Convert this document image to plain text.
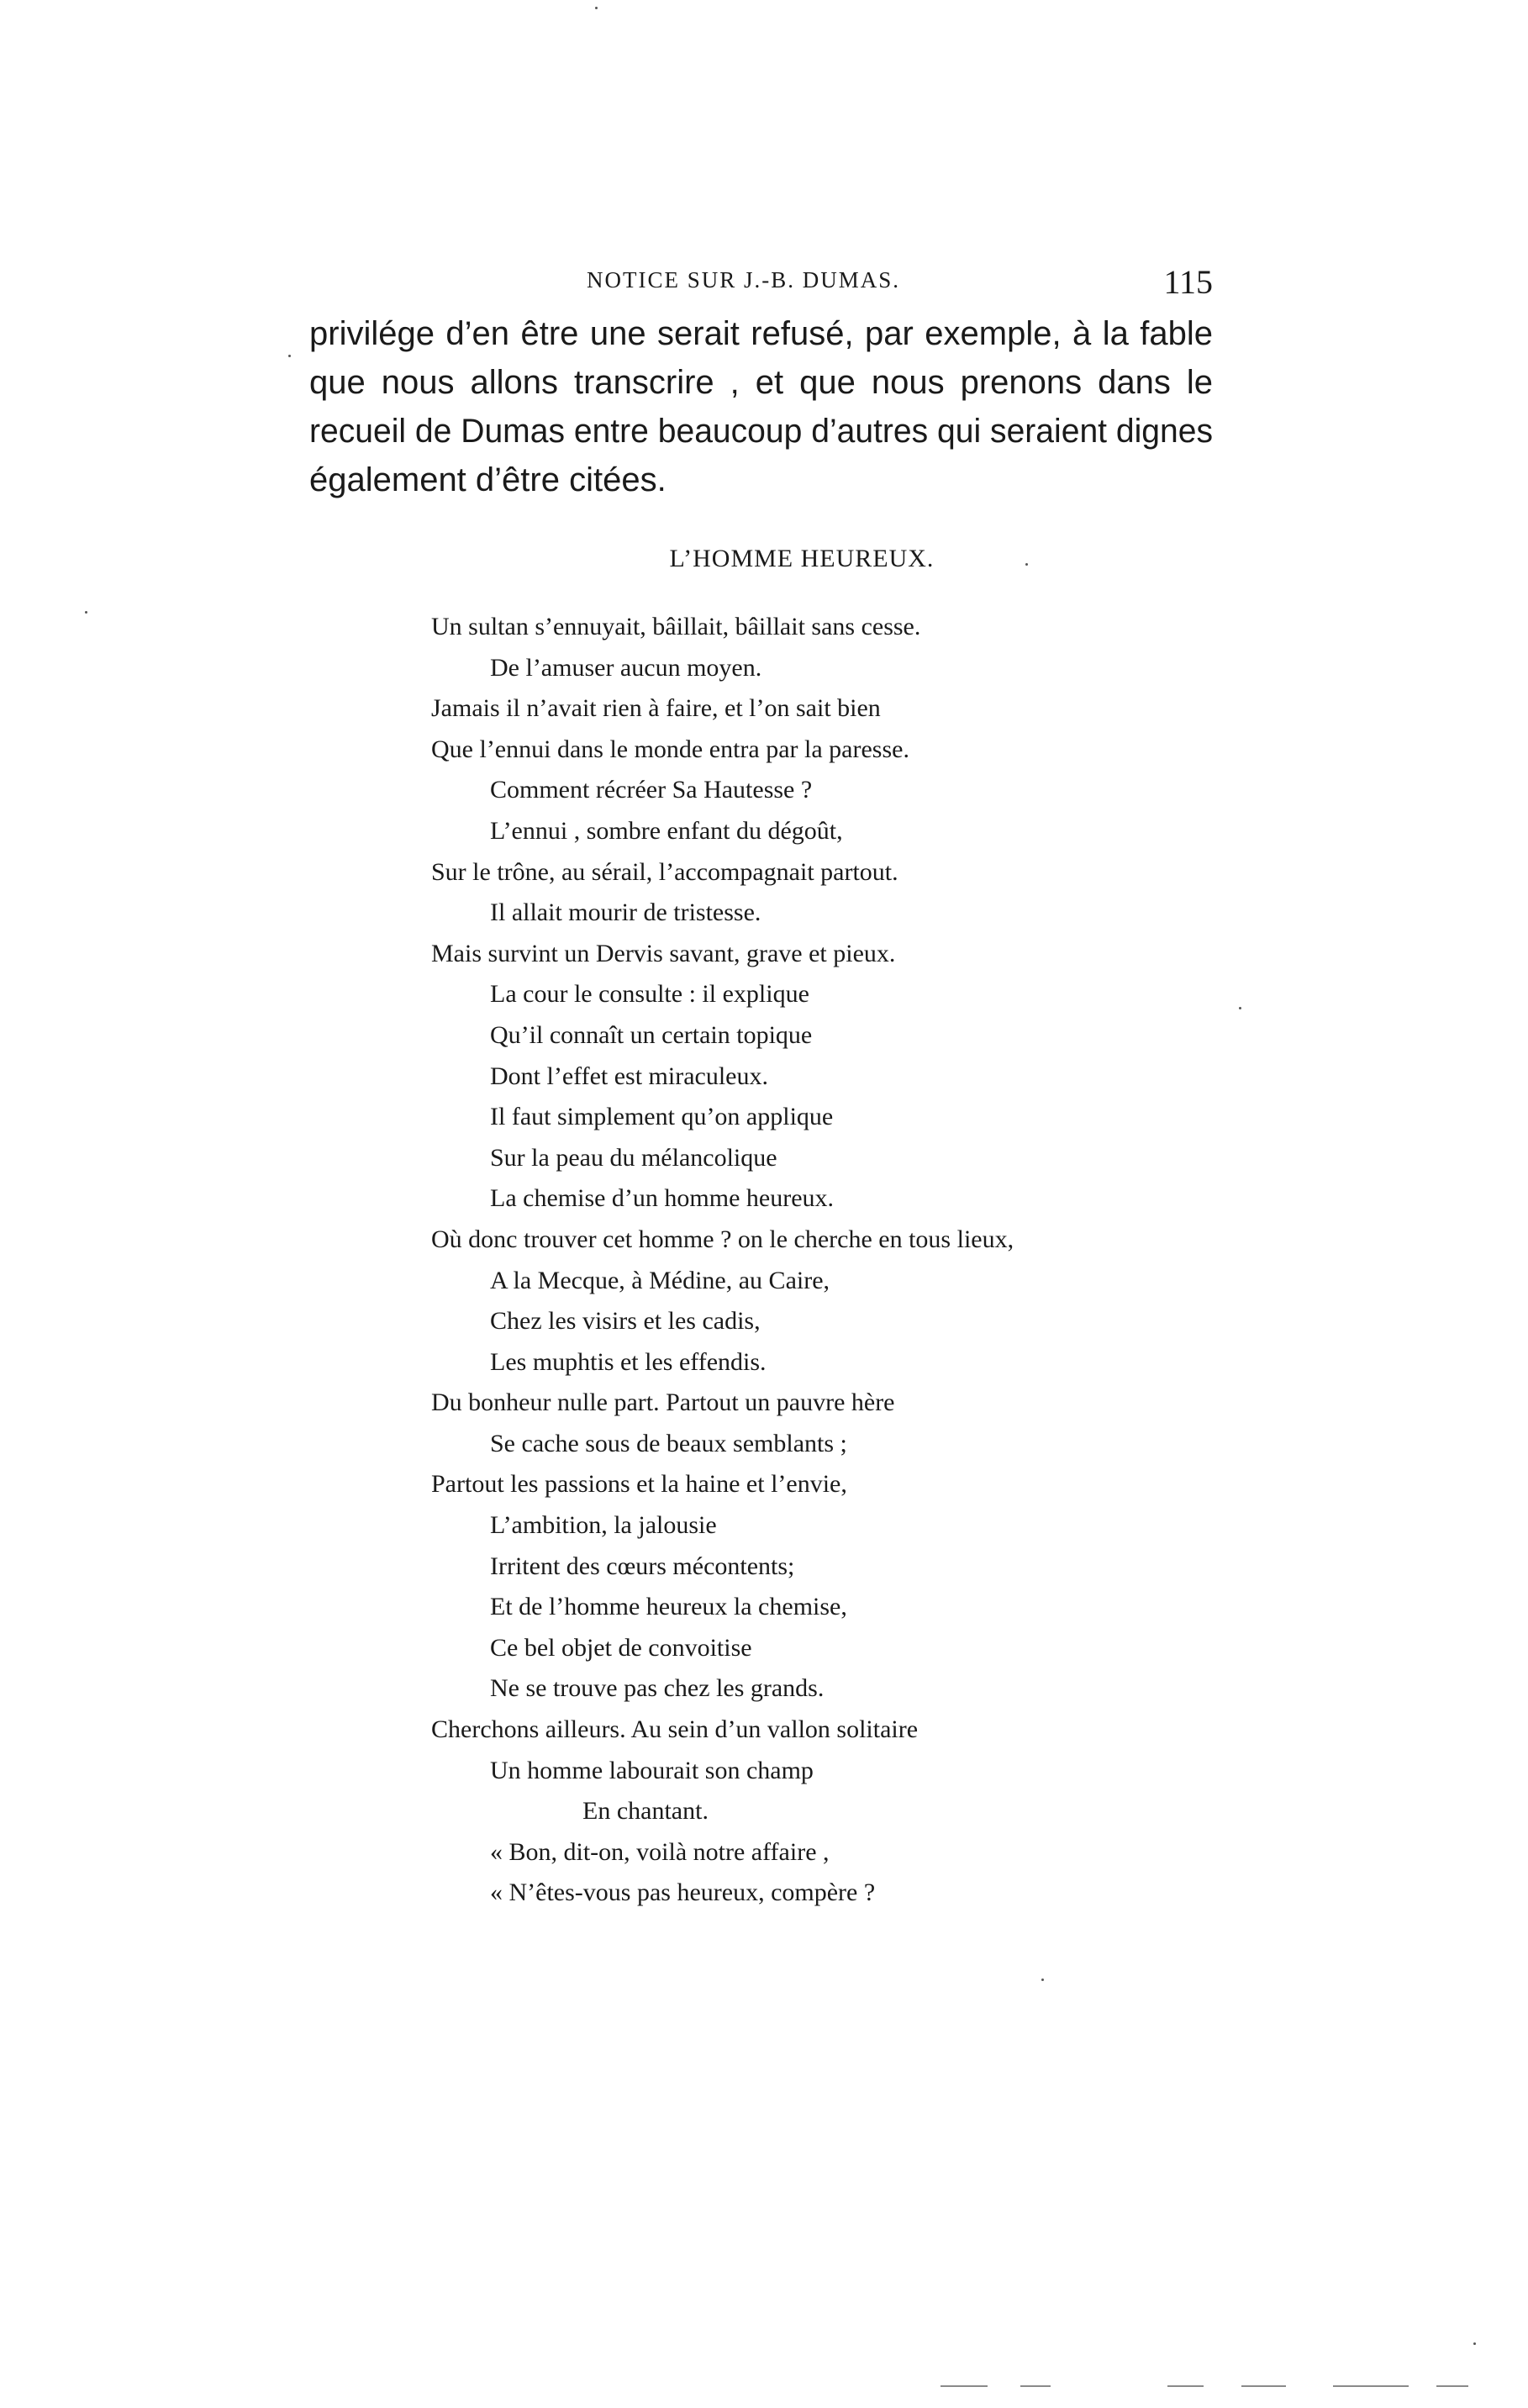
NOTICE SUR J.-B. DUMAS.	115
privilége d’en être une serait refusé, par exemple, à la fable
que nous allons transcrire , et que nous prenons dans le
recueil de Dumas entre beaucoup d’autres qui seraient dignes
également d’être citées.
L’HOMME HEUREUX.
Un sultan s’ennuyait, bâillait, bâillait sans cesse.
De l’amuser aucun moyen.
Jamais il n’avait rien à faire, et l’on sait bien
Que l’ennui dans le monde entra par la paresse.
Comment récréer Sa Hautesse ?
L’ennui , sombre enfant du dégoût,
Sur le trône, au sérail, l’accompagnait partout.
Il allait mourir de tristesse.
Mais survint un Dervis savant, grave et pieux.
La cour le consulte : il explique
Qu’il connaît un certain topique
Dont l’effet est miraculeux.
Il faut simplement qu’on applique
Sur la peau du mélancolique
La chemise d’un homme heureux.
Où donc trouver cet homme ? on le cherche en tous lieux,
A la Mecque, à Médine, au Caire,
Chez les visirs et les cadis,
Les muphtis et les effendis.
Du bonheur nulle part. Partout un pauvre hère
Se cache sous de beaux semblants ;
Partout les passions et la haine et l’envie,
L’ambition, la jalousie
Irritent des cœurs mécontents;
Et de l’homme heureux la chemise,
Ce bel objet de convoitise
Ne se trouve pas chez les grands.
Cherchons ailleurs. Au sein d’un vallon solitaire
Un homme labourait son champ
En chantant.
« Bon, dit-on, voilà notre affaire ,
« N’êtes-vous pas heureux, compère ?
